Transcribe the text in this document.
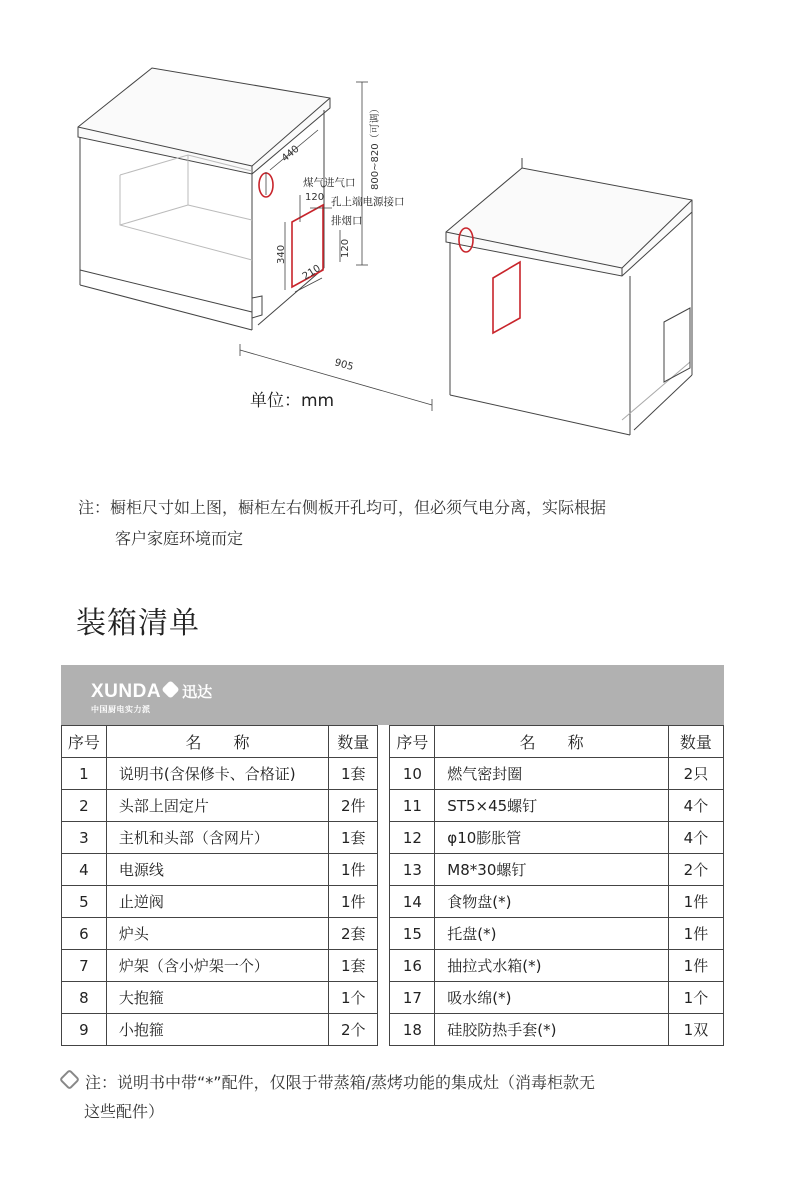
440	800~820（可调）
煤气进气口
120 孔上端电源接口
排烟口
340
210
120
905
单位：mm
注：橱柜尺寸如上图，橱柜左右侧板开孔均可，但必须气电分离，实际根据
客户家庭环境而定
装箱清单
XUNDA 迅达
中国厨电实力派
序号	名　　称	数量		序号	名　　称	数量
1	说明书(含保修卡、合格证)	1套		10	燃气密封圈	2只
2	头部上固定片	2件		11	ST5×45螺钉	4个
3	主机和头部（含网片）	1套		12	φ10膨胀管	4个
4	电源线	1件		13	M8*30螺钉	2个
5	止逆阀	1件		14	食物盘(*)	1件
6	炉头	2套		15	托盘(*)	1件
7	炉架（含小炉架一个）	1套		16	抽拉式水箱(*)	1件
8	大抱箍	1个		17	吸水绵(*)	1个
9	小抱箍	2个		18	硅胶防热手套(*)	1双
注：说明书中带“*”配件，仅限于带蒸箱/蒸烤功能的集成灶（消毒柜款无
这些配件）
